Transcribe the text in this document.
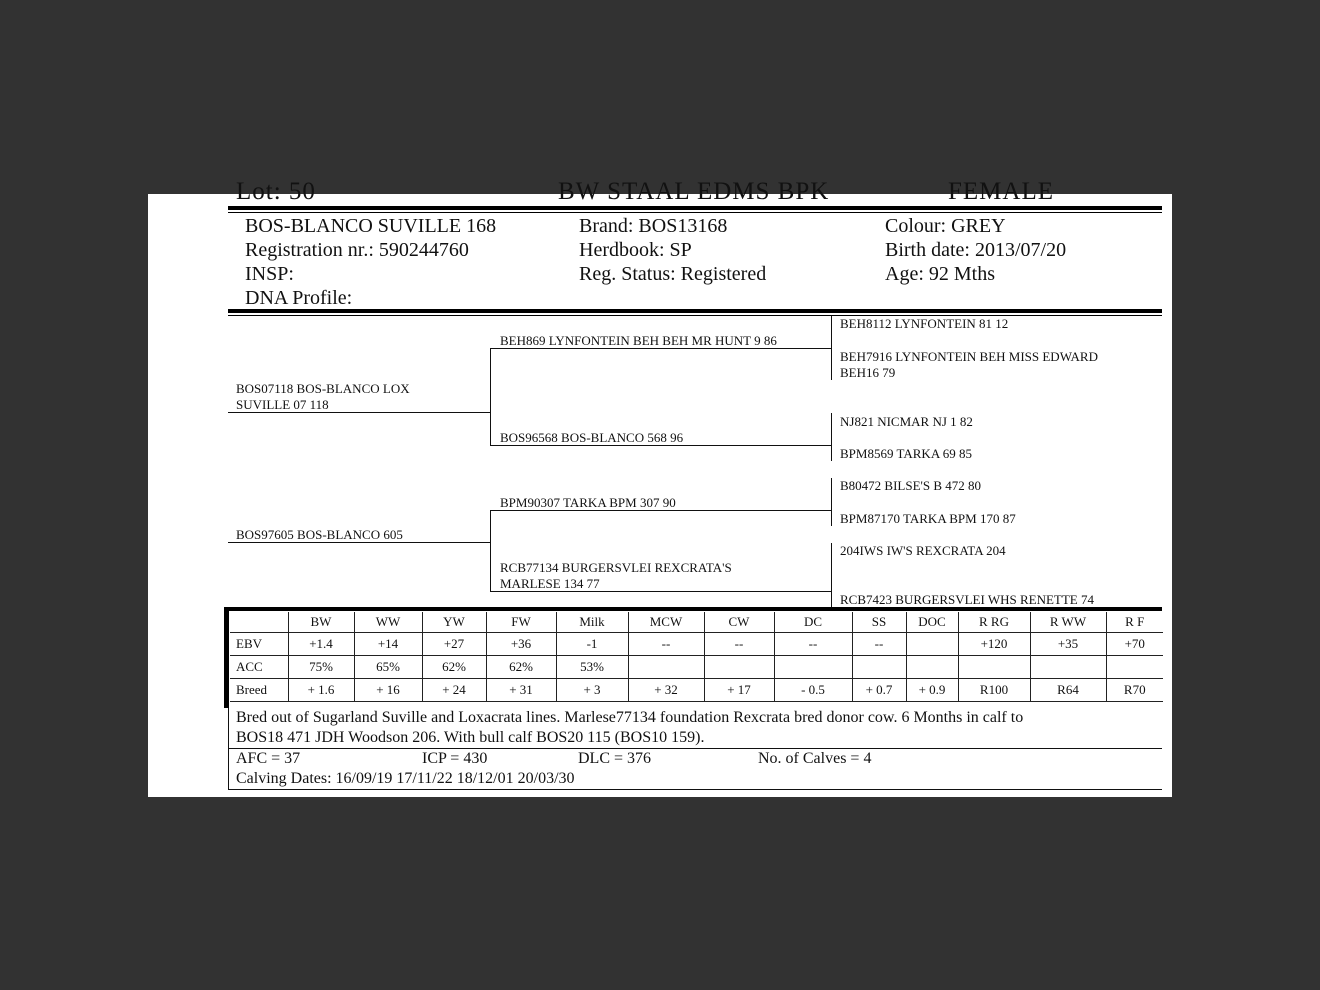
Lot: 50	BW STAAL EDMS BPK	FEMALE
BOS-BLANCO SUVILLE 168
Registration nr.: 590244760
INSP:
DNA Profile:
Brand: BOS13168
Herdbook: SP
Reg. Status: Registered
Colour: GREY
Birth date: 2013/07/20
Age: 92 Mths
BOS07118 BOS-BLANCO LOX
SUVILLE 07 118
BOS97605 BOS-BLANCO 605
BEH869 LYNFONTEIN BEH BEH MR HUNT 9 86
BOS96568 BOS-BLANCO 568 96
BPM90307 TARKA BPM 307 90
RCB77134 BURGERSVLEI REXCRATA'S
MARLESE 134 77
BEH8112 LYNFONTEIN 81 12
BEH7916 LYNFONTEIN BEH MISS EDWARD
BEH16 79
NJ821 NICMAR NJ 1 82
BPM8569 TARKA 69 85
B80472 BILSE'S B 472 80
BPM87170 TARKA BPM 170 87
204IWS IW'S REXCRATA 204
RCB7423 BURGERSVLEI WHS RENETTE 74
	BW	WW	YW	FW	Milk	MCW	CW	DC	SS	DOC	R RG	R WW	R F
EBV	+1.4	+14	+27	+36	-1	--	--	--	--		+120	+35	+70
ACC	75%	65%	62%	62%	53%								
Breed	+ 1.6	+ 16	+ 24	+ 31	+ 3	+ 32	+ 17	- 0.5	+ 0.7	+ 0.9	R100	R64	R70
Bred out of Sugarland Suville and Loxacrata lines. Marlese77134 foundation Rexcrata bred donor cow. 6 Months in calf to
BOS18 471 JDH Woodson 206. With bull calf BOS20 115 (BOS10 159).
AFC = 37	ICP = 430	DLC = 376	No. of Calves = 4
Calving Dates: 16/09/19 17/11/22 18/12/01 20/03/30
